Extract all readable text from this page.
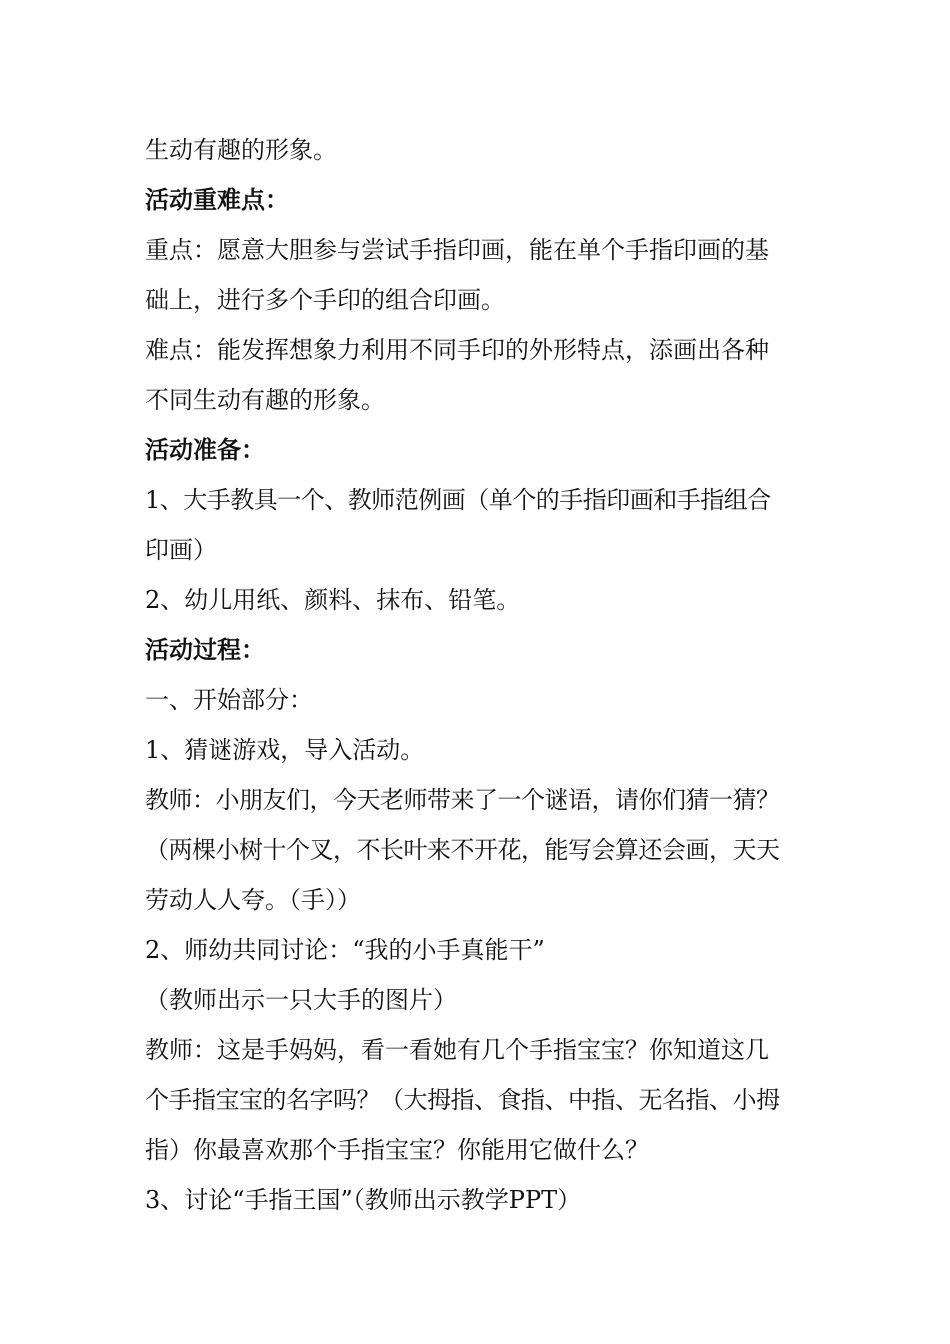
生动有趣的形象。
活动重难点：
重点：愿意大胆参与尝试手指印画，能在单个手指印画的基
础上，进行多个手印的组合印画。
难点：能发挥想象力利用不同手印的外形特点，添画出各种
不同生动有趣的形象。
活动准备：
1、大手教具一个、教师范例画（单个的手指印画和手指组合
印画）
2、幼儿用纸、颜料、抹布、铅笔。
活动过程：
一、开始部分：
1、猜谜游戏，导入活动。
教师：小朋友们，今天老师带来了一个谜语，请你们猜一猜？
（两棵小树十个叉，不长叶来不开花，能写会算还会画，天天
劳动人人夸。（手））
2、师幼共同讨论：“我的小手真能干”
（教师出示一只大手的图片）
教师：这是手妈妈，看一看她有几个手指宝宝？你知道这几
个手指宝宝的名字吗？（大拇指、食指、中指、无名指、小拇
指）你最喜欢那个手指宝宝？你能用它做什么？
3、讨论“手指王国”（教师出示教学PPT）
